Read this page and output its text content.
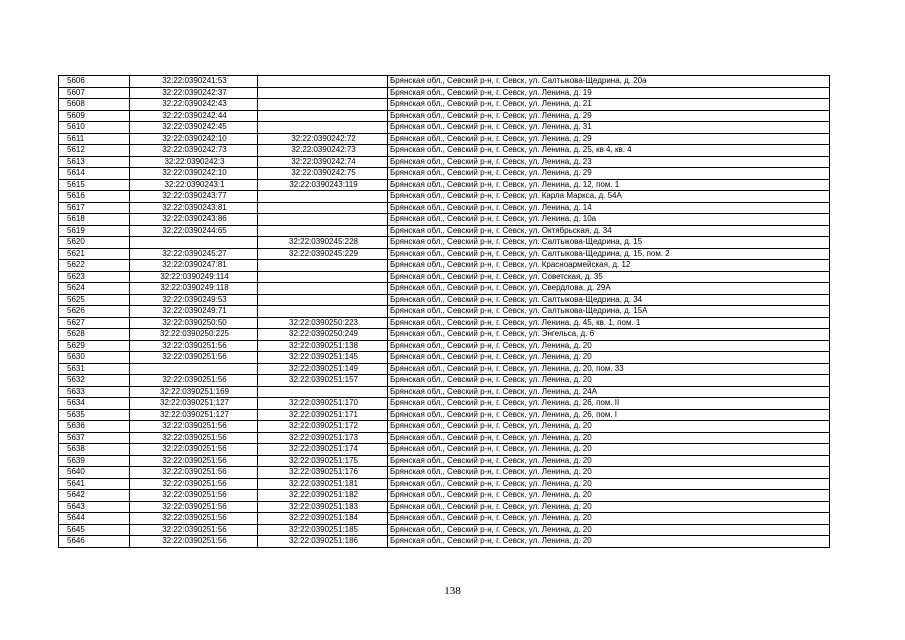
5606	32:22:0390241:53		Брянская обл., Севский р-н, г. Севск, ул. Салтыкова-Щедрина, д. 20а
5607	32:22:0390242:37		Брянская обл., Севский р-н, г. Севск, ул. Ленина, д. 19
5608	32:22:0390242:43		Брянская обл., Севский р-н, г. Севск, ул. Ленина, д. 21
5609	32:22:0390242:44		Брянская обл., Севский р-н, г. Севск, ул. Ленина, д. 29
5610	32:22:0390242:45		Брянская обл., Севский р-н, г. Севск, ул. Ленина, д. 31
5611	32:22:0390242:10	32:22:0390242:72	Брянская обл., Севский р-н, г. Севск, ул. Ленина, д. 29
5612	32:22:0390242:73	32:22:0390242:73	Брянская обл., Севский р-н, г. Севск, ул. Ленина, д. 25, кв 4, кв. 4
5613	32:22:0390242:3	32:22:0390242:74	Брянская обл., Севский р-н, г. Севск, ул. Ленина, д. 23
5614	32:22:0390242:10	32:22:0390242:75	Брянская обл., Севский р-н, г. Севск, ул. Ленина, д. 29
5615	32:22:0390243:1	32:22:0390243:119	Брянская обл., Севский р-н, г. Севск, ул. Ленина, д. 12, пом. 1
5616	32:22:0390243:77		Брянская обл., Севский р-н, г. Севск, ул. Карла Маркса, д. 54А
5617	32:22:0390243:81		Брянская обл., Севский р-н, г. Севск, ул. Ленина, д. 14
5618	32:22:0390243:86		Брянская обл., Севский р-н, г. Севск, ул. Ленина, д. 10а
5619	32:22:0390244:65		Брянская обл., Севский р-н, г. Севск, ул. Октябрьская, д. 34
5620		32:22:0390245:228	Брянская обл., Севский р-н, г. Севск, ул. Салтыкова-Щедрина, д. 15
5621	32:22:0390245:27	32:22:0390245:229	Брянская обл., Севский р-н, г. Севск, ул. Салтыкова-Щедрина, д. 15, пом. 2
5622	32:22:0390247:81		Брянская обл., Севский р-н, г. Севск, ул. Красноармейская, д. 12
5623	32:22:0390249:114		Брянская обл., Севский р-н, г. Севск, ул. Советская, д. 35
5624	32:22:0390249:118		Брянская обл., Севский р-н, г. Севск, ул. Свердлова, д. 29А
5625	32:22:0390249:53		Брянская обл., Севский р-н, г. Севск, ул. Салтыкова-Щедрина, д. 34
5626	32:22:0390249:71		Брянская обл., Севский р-н, г. Севск, ул. Салтыкова-Щедрина, д. 15А
5627	32:22:0390250:50	32:22:0390250:223	Брянская обл., Севский р-н, г. Севск, ул. Ленина, д. 45, кв. 1, пом. 1
5628	32:22:0390250:225	32:22:0390250:249	Брянская обл., Севский р-н, г. Севск, ул. Энгельса, д. 6
5629	32:22:0390251:56	32:22:0390251:138	Брянская обл., Севский р-н, г. Севск, ул. Ленина, д. 20
5630	32:22:0390251:56	32:22:0390251:145	Брянская обл., Севский р-н, г. Севск, ул. Ленина, д. 20
5631		32:22:0390251:149	Брянская обл., Севский р-н, г. Севск, ул. Ленина, д. 20, пом. 33
5632	32:22:0390251:56	32:22:0390251:157	Брянская обл., Севский р-н, г. Севск, ул. Ленина, д. 20
5633	32:22:0390251:169		Брянская обл., Севский р-н, г. Севск, ул. Ленина, д. 24А
5634	32:22:0390251:127	32:22:0390251:170	Брянская обл., Севский р-н, г. Севск, ул. Ленина, д. 26, пом. II
5635	32:22:0390251:127	32:22:0390251:171	Брянская обл., Севский р-н, г. Севск, ул. Ленина, д. 26, пом. I
5636	32:22:0390251:56	32:22:0390251:172	Брянская обл., Севский р-н, г. Севск, ул. Ленина, д. 20
5637	32:22:0390251:56	32:22:0390251:173	Брянская обл., Севский р-н, г. Севск, ул. Ленина, д. 20
5638	32:22:0390251:56	32:22:0390251:174	Брянская обл., Севский р-н, г. Севск, ул. Ленина, д. 20
5639	32:22:0390251:56	32:22:0390251:175	Брянская обл., Севский р-н, г. Севск, ул. Ленина, д. 20
5640	32:22:0390251:56	32:22:0390251:176	Брянская обл., Севский р-н, г. Севск, ул. Ленина, д. 20
5641	32:22:0390251:56	32:22:0390251:181	Брянская обл., Севский р-н, г. Севск, ул. Ленина, д. 20
5642	32:22:0390251:56	32:22:0390251:182	Брянская обл., Севский р-н, г. Севск, ул. Ленина, д. 20
5643	32:22:0390251:56	32:22:0390251:183	Брянская обл., Севский р-н, г. Севск, ул. Ленина, д. 20
5644	32:22:0390251:56	32:22:0390251:184	Брянская обл., Севский р-н, г. Севск, ул. Ленина, д. 20
5645	32:22:0390251:56	32:22:0390251:185	Брянская обл., Севский р-н, г. Севск, ул. Ленина, д. 20
5646	32:22:0390251:56	32:22:0390251:186	Брянская обл., Севский р-н, г. Севск, ул. Ленина, д. 20
138
